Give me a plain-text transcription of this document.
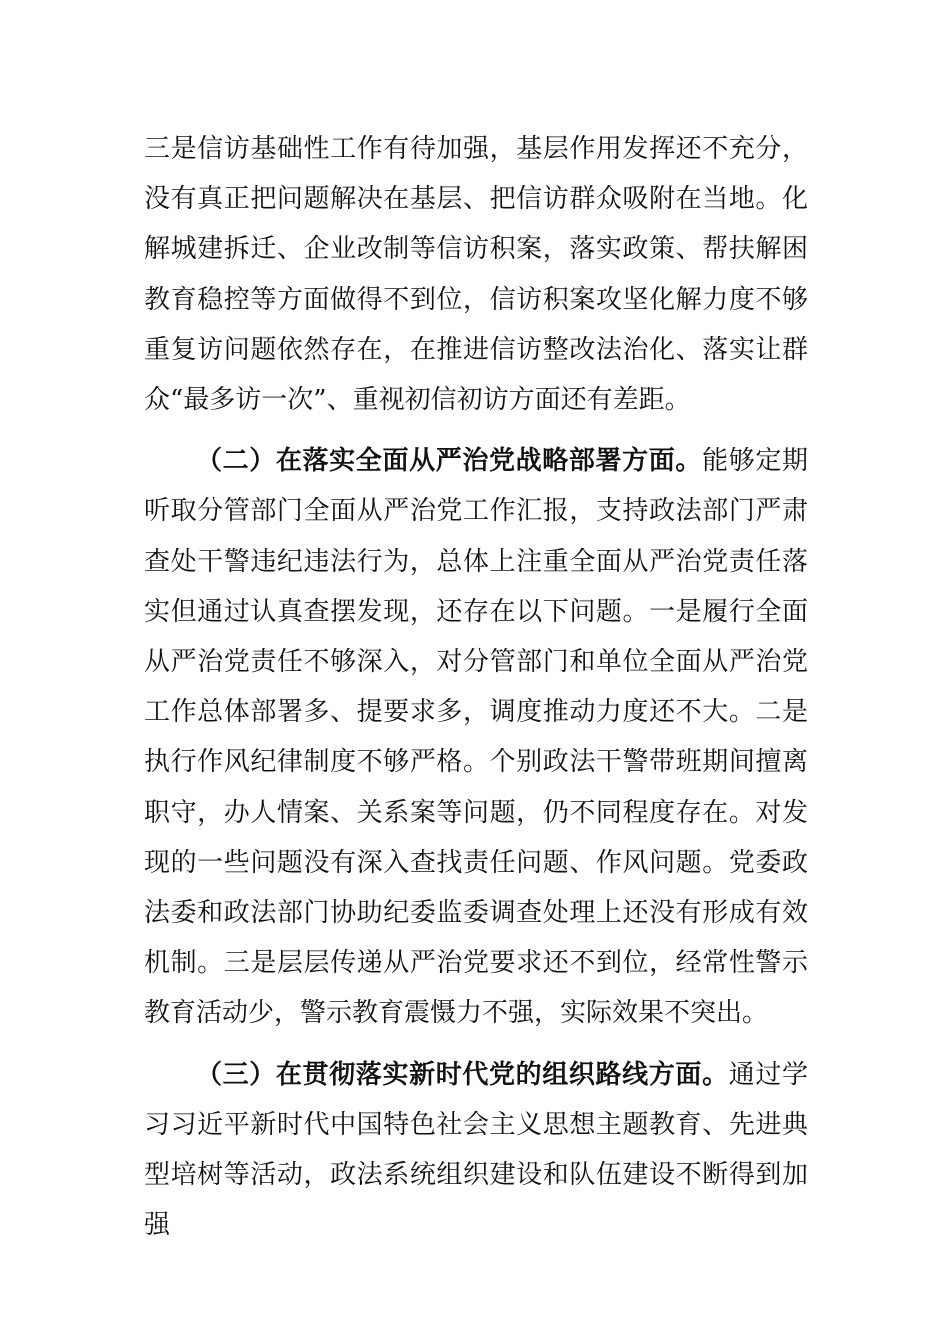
三是信访基础性工作有待加强，基层作用发挥还不充分，没有真正把问题解决在基层、把信访群众吸附在当地。化解城建拆迁、企业改制等信访积案，落实政策、帮扶解困教育稳控等方面做得不到位，信访积案攻坚化解力度不够重复访问题依然存在，在推进信访整改法治化、落实让群众“最多访一次”、重视初信初访方面还有差距。

（二）在落实全面从严治党战略部署方面。能够定期听取分管部门全面从严治党工作汇报，支持政法部门严肃查处干警违纪违法行为，总体上注重全面从严治党责任落实但通过认真查摆发现，还存在以下问题。一是履行全面从严治党责任不够深入，对分管部门和单位全面从严治党工作总体部署多、提要求多，调度推动力度还不大。二是执行作风纪律制度不够严格。个别政法干警带班期间擅离职守，办人情案、关系案等问题，仍不同程度存在。对发现的一些问题没有深入查找责任问题、作风问题。党委政法委和政法部门协助纪委监委调查处理上还没有形成有效机制。三是层层传递从严治党要求还不到位，经常性警示教育活动少，警示教育震慑力不强，实际效果不突出。

（三）在贯彻落实新时代党的组织路线方面。通过学习习近平新时代中国特色社会主义思想主题教育、先进典型培树等活动，政法系统组织建设和队伍建设不断得到加强
